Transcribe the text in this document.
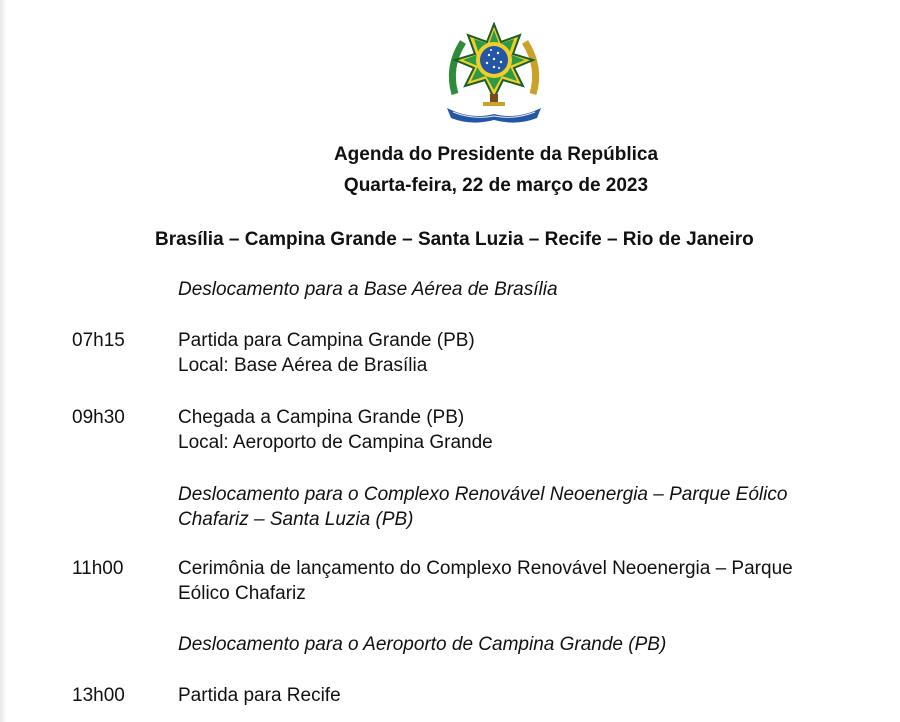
Agenda do Presidente da República
Quarta-feira, 22 de março de 2023
Brasília – Campina Grande – Santa Luzia – Recife – Rio de Janeiro
Deslocamento para a Base Aérea de Brasília
07h15	Partida para Campina Grande (PB)
Local: Base Aérea de Brasília
09h30	Chegada a Campina Grande (PB)
Local: Aeroporto de Campina Grande
Deslocamento para o Complexo Renovável Neoenergia – Parque Eólico
Chafariz – Santa Luzia (PB)
11h00	Cerimônia de lançamento do Complexo Renovável Neoenergia – Parque
Eólico Chafariz
Deslocamento para o Aeroporto de Campina Grande (PB)
13h00	Partida para Recife
